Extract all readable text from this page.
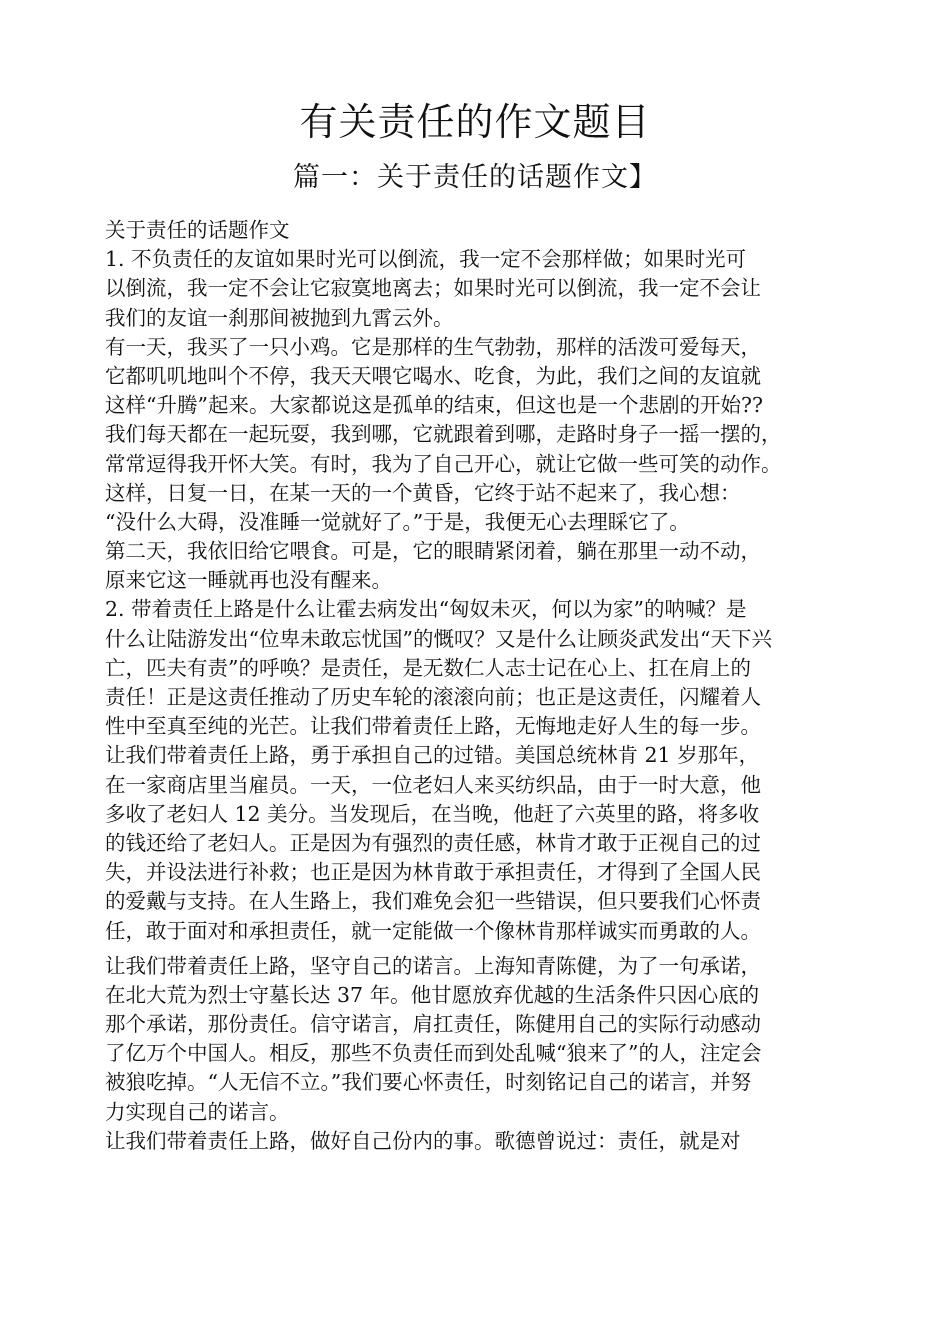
有关责任的作文题目
篇一：关于责任的话题作文】
关于责任的话题作文
1. 不负责任的友谊如果时光可以倒流，我一定不会那样做；如果时光可
以倒流，我一定不会让它寂寞地离去；如果时光可以倒流，我一定不会让
我们的友谊一刹那间被抛到九霄云外。
有一天，我买了一只小鸡。它是那样的生气勃勃，那样的活泼可爱每天，
它都叽叽地叫个不停，我天天喂它喝水、吃食，为此，我们之间的友谊就
这样“升腾”起来。大家都说这是孤单的结束，但这也是一个悲剧的开始??
我们每天都在一起玩耍，我到哪，它就跟着到哪，走路时身子一摇一摆的，
常常逗得我开怀大笑。有时，我为了自己开心，就让它做一些可笑的动作。
这样，日复一日，在某一天的一个黄昏，它终于站不起来了，我心想：
“没什么大碍，没准睡一觉就好了。”于是，我便无心去理睬它了。
第二天，我依旧给它喂食。可是，它的眼睛紧闭着，躺在那里一动不动，
原来它这一睡就再也没有醒来。
2. 带着责任上路是什么让霍去病发出“匈奴未灭，何以为家”的呐喊？是
什么让陆游发出“位卑未敢忘忧国”的慨叹？又是什么让顾炎武发出“天下兴
亡，匹夫有责”的呼唤？是责任，是无数仁人志士记在心上、扛在肩上的
责任！正是这责任推动了历史车轮的滚滚向前；也正是这责任，闪耀着人
性中至真至纯的光芒。让我们带着责任上路，无悔地走好人生的每一步。
让我们带着责任上路，勇于承担自己的过错。美国总统林肯 21 岁那年，
在一家商店里当雇员。一天，一位老妇人来买纺织品，由于一时大意，他
多收了老妇人 12 美分。当发现后，在当晚，他赶了六英里的路，将多收
的钱还给了老妇人。正是因为有强烈的责任感，林肯才敢于正视自己的过
失，并设法进行补救；也正是因为林肯敢于承担责任，才得到了全国人民
的爱戴与支持。在人生路上，我们难免会犯一些错误，但只要我们心怀责
任，敢于面对和承担责任，就一定能做一个像林肯那样诚实而勇敢的人。
让我们带着责任上路，坚守自己的诺言。上海知青陈健，为了一句承诺，
在北大荒为烈士守墓长达 37 年。他甘愿放弃优越的生活条件只因心底的
那个承诺，那份责任。信守诺言，肩扛责任，陈健用自己的实际行动感动
了亿万个中国人。相反，那些不负责任而到处乱喊“狼来了”的人，注定会
被狼吃掉。“人无信不立。”我们要心怀责任，时刻铭记自己的诺言，并努
力实现自己的诺言。
让我们带着责任上路，做好自己份内的事。歌德曾说过：责任，就是对
